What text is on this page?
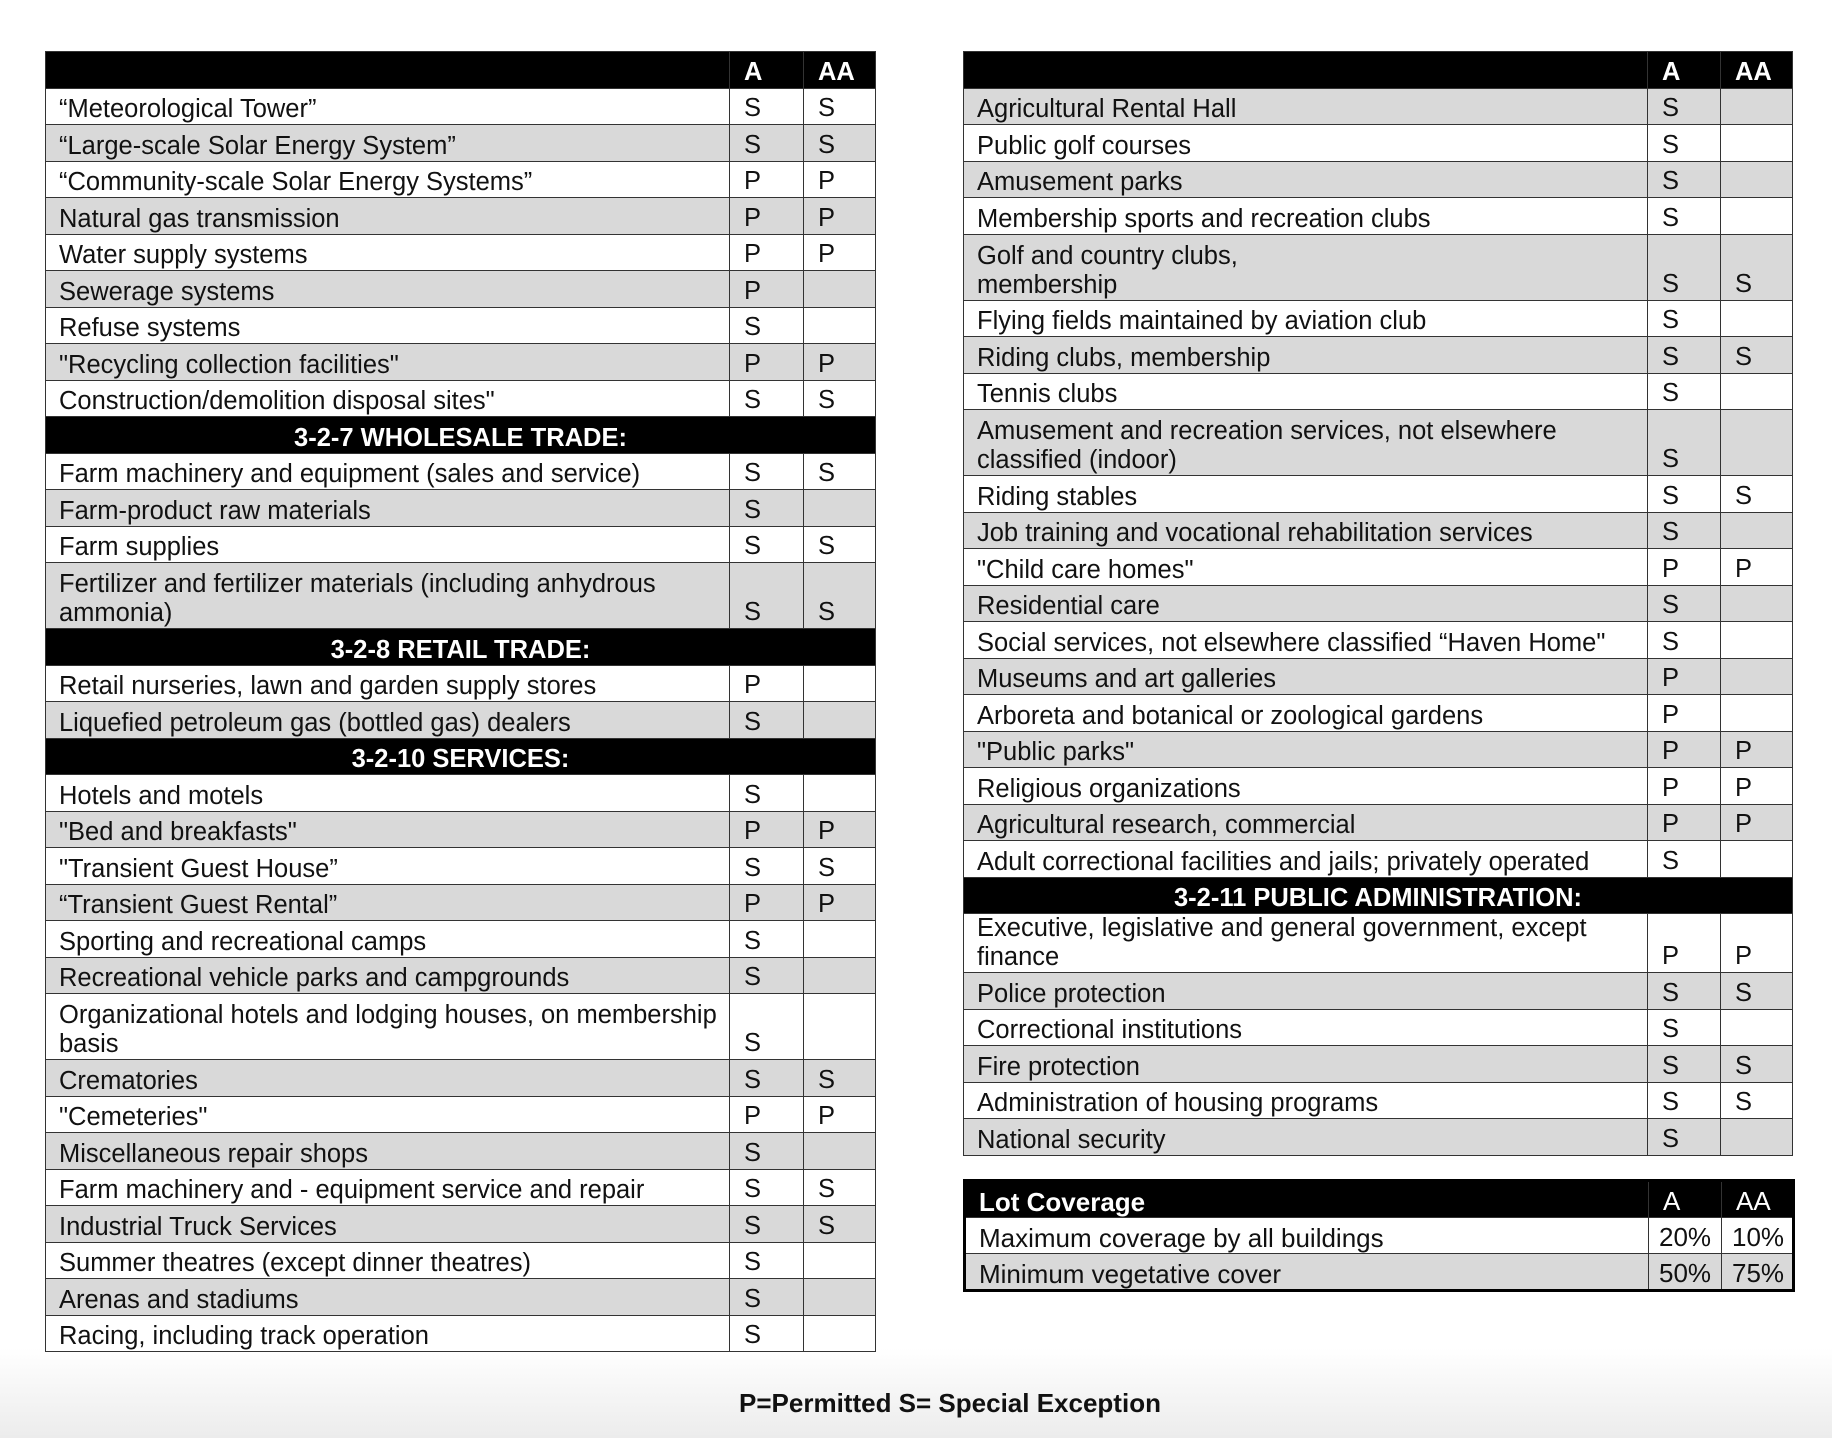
	A	AA
“Meteorological Tower”	S	S
“Large-scale Solar Energy System”	S	S
“Community-scale Solar Energy Systems”	P	P
Natural gas transmission	P	P
Water supply systems	P	P
Sewerage systems	P	
Refuse systems	S	
"Recycling collection facilities"	P	P
Construction/demolition disposal sites"	S	S
3-2-7 WHOLESALE TRADE:		
Farm machinery and equipment (sales and service)	S	S
Farm-product raw materials	S	
Farm supplies	S	S
Fertilizer and fertilizer materials (including anhydrous ammonia)	S	S
3-2-8 RETAIL TRADE:		
Retail nurseries, lawn and garden supply stores	P	
Liquefied petroleum gas (bottled gas) dealers	S	
3-2-10 SERVICES:		
Hotels and motels	S	
"Bed and breakfasts"	P	P
"Transient Guest House”	S	S
“Transient Guest Rental”	P	P
Sporting and recreational camps	S	
Recreational vehicle parks and campgrounds	S	
Organizational hotels and lodging houses, on membership basis	S	
Crematories	S	S
"Cemeteries"	P	P
Miscellaneous repair shops	S	
Farm machinery and - equipment service and repair	S	S
Industrial Truck Services	S	S
Summer theatres (except dinner theatres)	S	
Arenas and stadiums	S	
Racing, including track operation	S	
	A	AA
Agricultural Rental Hall	S	
Public golf courses	S	
Amusement parks	S	
Membership sports and recreation clubs	S	
Golf and country clubs, membership	S	S
Flying fields maintained by aviation club	S	
Riding clubs, membership	S	S
Tennis clubs	S	
Amusement and recreation services, not elsewhere classified (indoor)	S	
Riding stables	S	S
Job training and vocational rehabilitation services	S	
"Child care homes"	P	P
Residential care	S	
Social services, not elsewhere classified “Haven Home"	S	
Museums and art galleries	P	
Arboreta and botanical or zoological gardens	P	
"Public parks"	P	P
Religious organizations	P	P
Agricultural research, commercial	P	P
Adult correctional facilities and jails; privately operated	S	
3-2-11 PUBLIC ADMINISTRATION:		
Executive, legislative and general government, except finance	P	P
Police protection	S	S
Correctional institutions	S	
Fire protection	S	S
Administration of housing programs	S	S
National security	S	
Lot Coverage	A	AA
Maximum coverage by all buildings	20%	10%
Minimum vegetative cover	50%	75%
P=Permitted S= Special Exception
